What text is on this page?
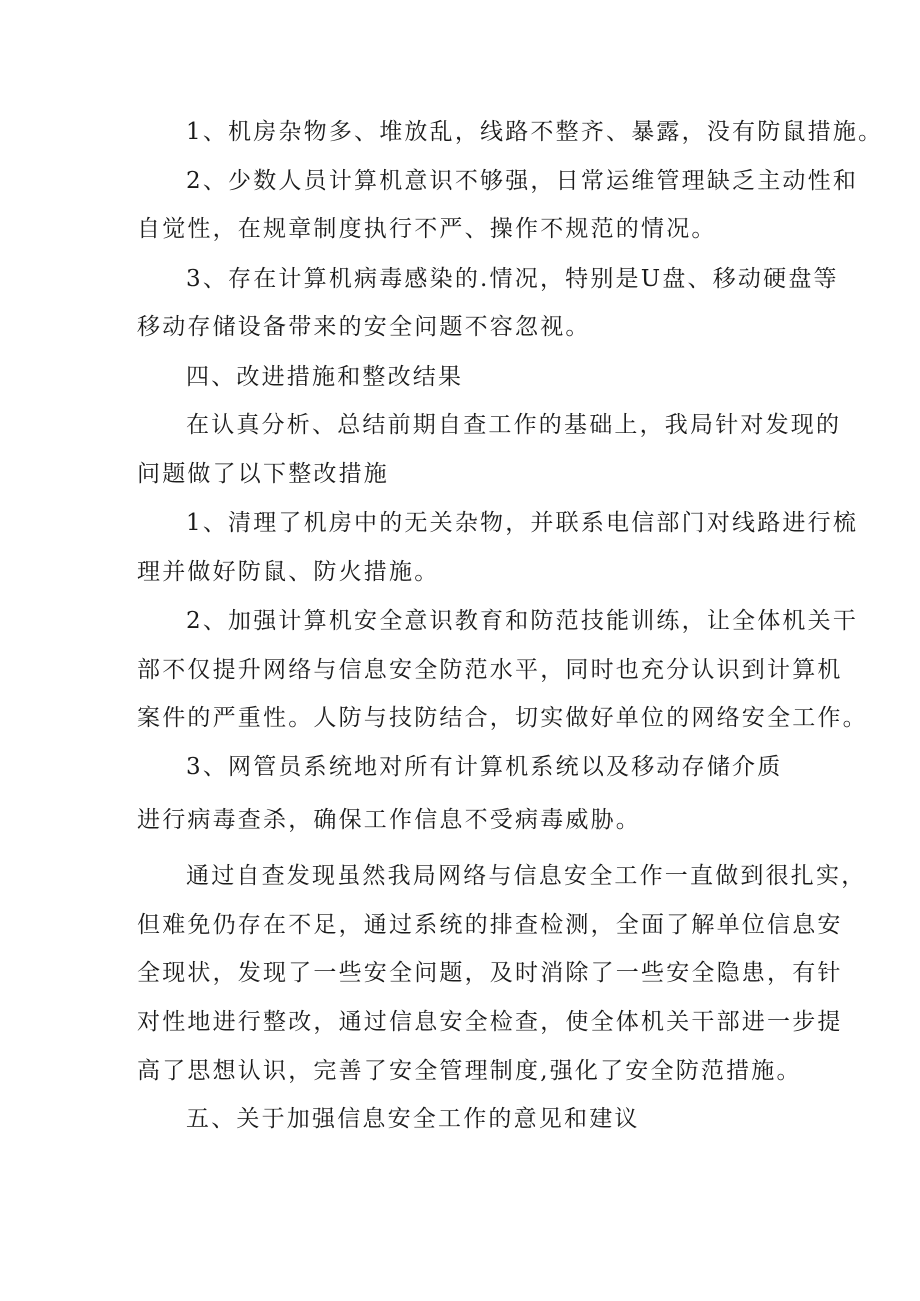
1、机房杂物多、堆放乱，线路不整齐、暴露，没有防鼠措施。

2、少数人员计算机意识不够强，日常运维管理缺乏主动性和

自觉性，在规章制度执行不严、操作不规范的情况。

3、存在计算机病毒感染的.情况，特别是U盘、移动硬盘等

移动存储设备带来的安全问题不容忽视。

四、改进措施和整改结果

在认真分析、总结前期自查工作的基础上，我局针对发现的

问题做了以下整改措施

1、清理了机房中的无关杂物，并联系电信部门对线路进行梳

理并做好防鼠、防火措施。

2、加强计算机安全意识教育和防范技能训练，让全体机关干

部不仅提升网络与信息安全防范水平，同时也充分认识到计算机

案件的严重性。人防与技防结合，切实做好单位的网络安全工作。

3、网管员系统地对所有计算机系统以及移动存储介质

进行病毒查杀，确保工作信息不受病毒威胁。

通过自查发现虽然我局网络与信息安全工作一直做到很扎实，

但难免仍存在不足，通过系统的排查检测，全面了解单位信息安

全现状，发现了一些安全问题，及时消除了一些安全隐患，有针

对性地进行整改，通过信息安全检查，使全体机关干部进一步提

高了思想认识，完善了安全管理制度,强化了安全防范措施。

五、关于加强信息安全工作的意见和建议
